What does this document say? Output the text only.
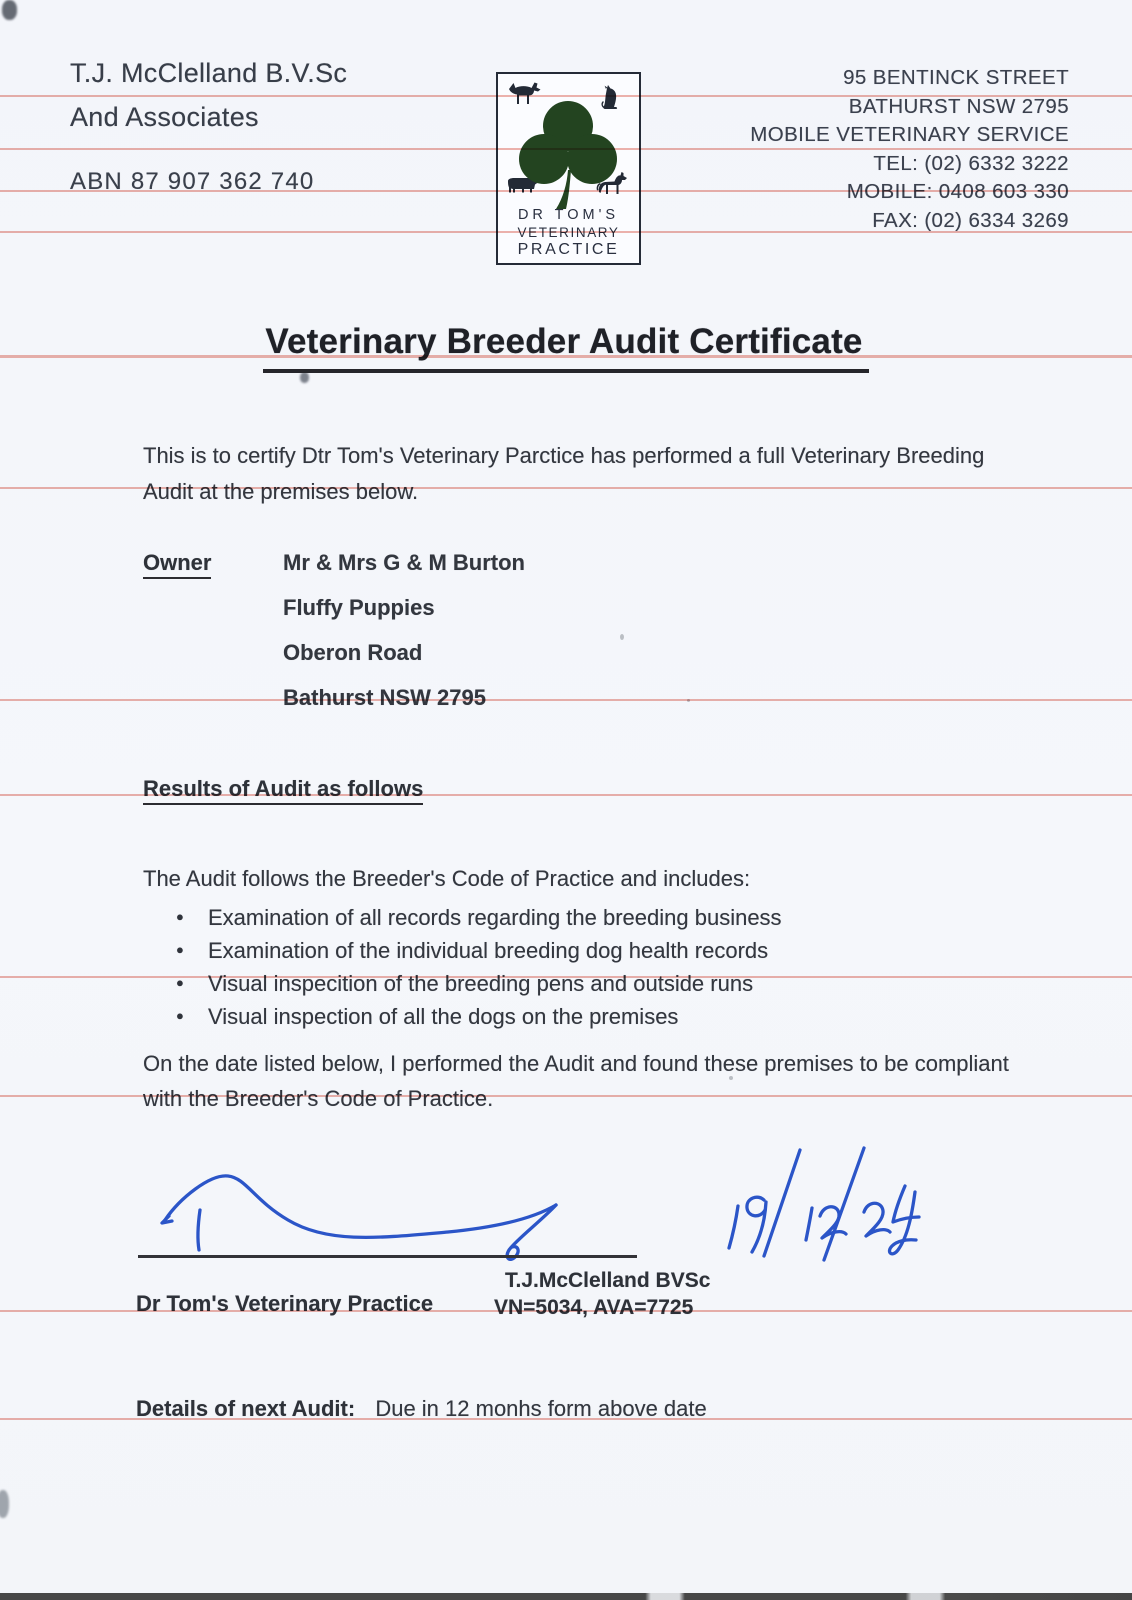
T.J. McClelland B.V.Sc
And Associates
ABN 87 907 362 740
DR TOM'S
VETERINARY
PRACTICE
95 BENTINCK STREET
BATHURST NSW 2795
MOBILE VETERINARY SERVICE
TEL: (02) 6332 3222
MOBILE: 0408 603 330
FAX: (02) 6334 3269
Veterinary Breeder Audit Certificate
This is to certify Dtr Tom's Veterinary Parctice has performed a full Veterinary Breeding
Audit at the premises below.
Owner	Mr & Mrs G & M Burton
Fluffy Puppies
Oberon Road
Bathurst NSW 2795
Results of Audit as follows
The Audit follows the Breeder's Code of Practice and includes:
●	Examination of all records regarding the breeding business
●	Examination of the individual breeding dog health records
●	Visual inspecition of the breeding pens and outside runs
●	Visual inspection of all the dogs on the premises
On the date listed below, I performed the Audit and found these premises to be compliant
with the Breeder's Code of Practice.
Dr Tom's Veterinary Practice
T.J.McClelland BVSc
VN=5034, AVA=7725
Details of next Audit: Due in 12 monhs form above date
